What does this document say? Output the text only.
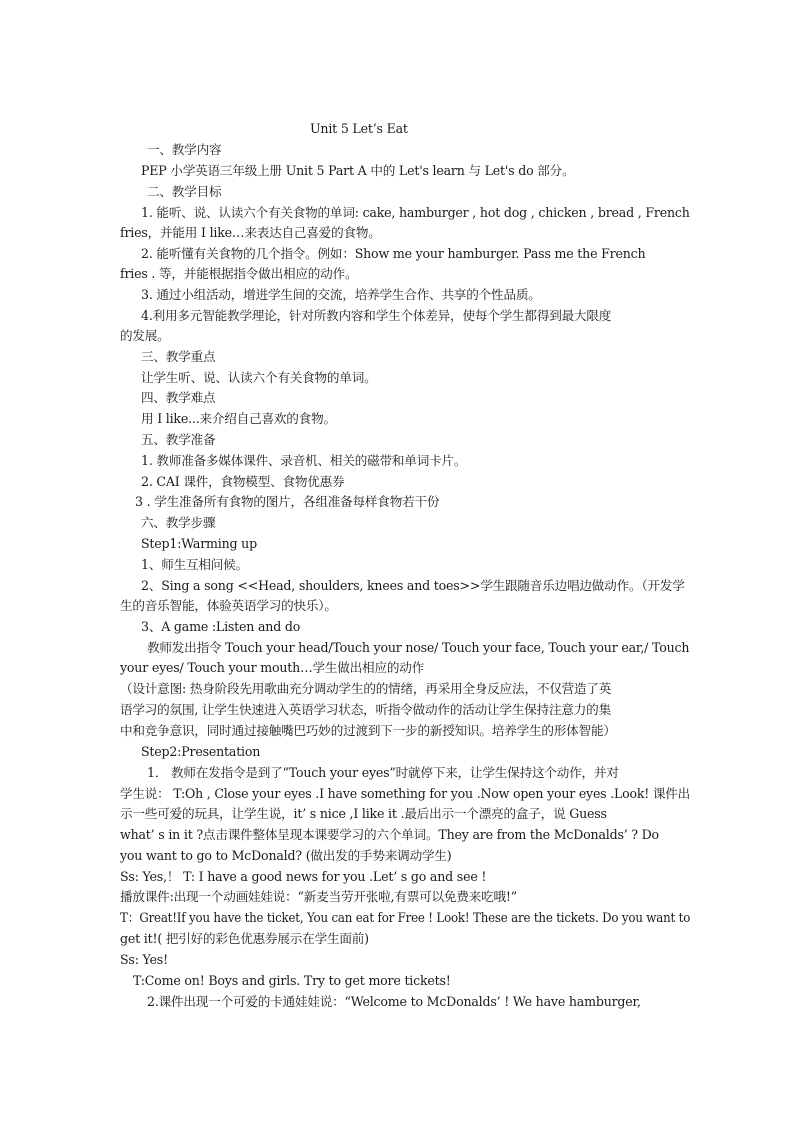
Unit 5 Let’s Eat
一、教学内容
PEP 小学英语三年级上册 Unit 5 Part A 中的 Let's learn 与 Let's do 部分。
二、教学目标
1. 能听、说、认读六个有关食物的单词: cake, hamburger , hot dog , chicken , bread , French
fries，并能用 I like…来表达自己喜爱的食物。
2. 能听懂有关食物的几个指令。例如：Show me your hamburger. Pass me the French
fries . 等，并能根据指令做出相应的动作。
3. 通过小组活动，增进学生间的交流，培养学生合作、共享的个性品质。
4.利用多元智能教学理论，针对所教内容和学生个体差异，使每个学生都得到最大限度
的发展。
三、教学重点
让学生听、说、认读六个有关食物的单词。
四、教学难点
用 I like...来介绍自己喜欢的食物。
五、教学准备
1. 教师准备多媒体课件、录音机、相关的磁带和单词卡片。
2. CAI 课件，食物模型、食物优惠券
3 . 学生准备所有食物的图片，各组准备每样食物若干份
六、教学步骤
Step1:Warming up
1、师生互相问候。
2、Sing a song <<Head, shoulders, knees and toes>>学生跟随音乐边唱边做动作。（开发学
生的音乐智能，体验英语学习的快乐）。
3、A game :Listen and do
教师发出指令 Touch your head/Touch your nose/ Touch your face, Touch your ear,/ Touch
your eyes/ Touch your mouth…学生做出相应的动作
（设计意图: 热身阶段先用歌曲充分调动学生的的情绪，再采用全身反应法，不仅营造了英
语学习的氛围, 让学生快速进入英语学习状态，听指令做动作的活动让学生保持注意力的集
中和竞争意识，同时通过接触嘴巴巧妙的过渡到下一步的新授知识。培养学生的形体智能）
Step2:Presentation
1． 教师在发指令是到了“Touch your eyes”时就停下来，让学生保持这个动作，并对
学生说： T:Oh , Close your eyes .I have something for you .Now open your eyes .Look! 课件出
示一些可爱的玩具，让学生说，it’ s nice ,I like it .最后出示一个漂亮的盒子，说 Guess
what’ s in it ?点击课件整体呈现本课要学习的六个单词。They are from the McDonalds’ ? Do
you want to go to McDonald? (做出发的手势来调动学生)
Ss: Yes,！ T: I have a good news for you .Let’ s go and see !
播放课件:出现一个动画娃娃说：“新麦当劳开张啦,有票可以免费来吃哦!”
T：Great!If you have the ticket, You can eat for Free ! Look! These are the tickets. Do you want to
get it!( 把引好的彩色优惠券展示在学生面前)
Ss: Yes!
T:Come on! Boys and girls. Try to get more tickets!
2.课件出现一个可爱的卡通娃娃说：“Welcome to McDonalds’ ! We have hamburger,
